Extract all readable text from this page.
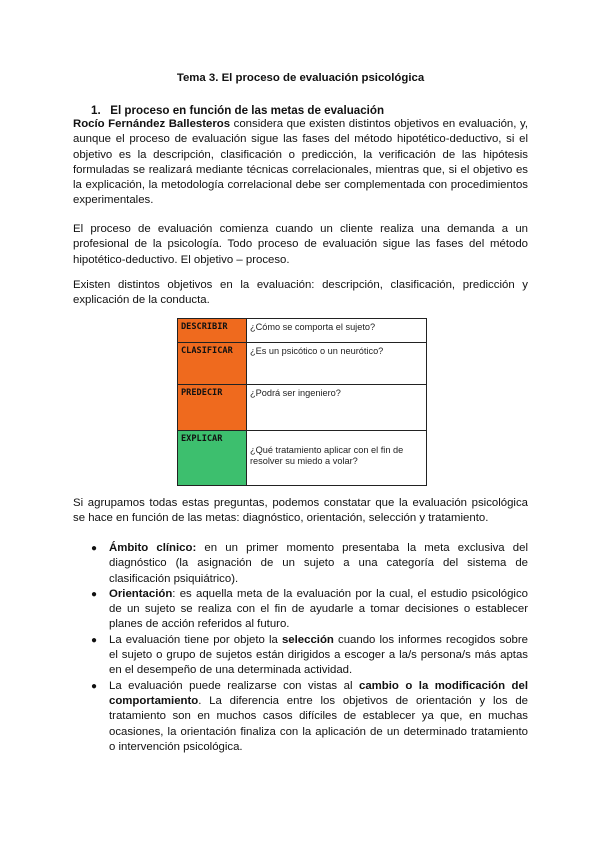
Tema 3. El proceso de evaluación psicológica
1. El proceso en función de las metas de evaluación

Rocío Fernández Ballesteros considera que existen distintos objetivos en evaluación, y, aunque el proceso de evaluación sigue las fases del método hipotético-deductivo, si el objetivo es la descripción, clasificación o predicción, la verificación de las hipótesis formuladas se realizará mediante técnicas correlacionales, mientras que, si el objetivo es la explicación, la metodología correlacional debe ser complementada con procedimientos experimentales.

El proceso de evaluación comienza cuando un cliente realiza una demanda a un profesional de la psicología. Todo proceso de evaluación sigue las fases del método hipotético-deductivo. El objetivo – proceso.

Existen distintos objetivos en la evaluación: descripción, clasificación, predicción y explicación de la conducta.

DESCRIBIR	¿Cómo se comporta el sujeto?
CLASIFICAR	¿Es un psicótico o un neurótico?
PREDECIR	¿Podrá ser ingeniero?
EXPLICAR	¿Qué tratamiento aplicar con el fin de resolver su miedo a volar?

Si agrupamos todas estas preguntas, podemos constatar que la evaluación psicológica se hace en función de las metas: diagnóstico, orientación, selección y tratamiento.

● Ámbito clínico: en un primer momento presentaba la meta exclusiva del diagnóstico (la asignación de un sujeto a una categoría del sistema de clasificación psiquiátrico).
● Orientación: es aquella meta de la evaluación por la cual, el estudio psicológico de un sujeto se realiza con el fin de ayudarle a tomar decisiones o establecer planes de acción referidos al futuro.
● La evaluación tiene por objeto la selección cuando los informes recogidos sobre el sujeto o grupo de sujetos están dirigidos a escoger a la/s persona/s más aptas en el desempeño de una determinada actividad.
● La evaluación puede realizarse con vistas al cambio o la modificación del comportamiento. La diferencia entre los objetivos de orientación y los de tratamiento son en muchos casos difíciles de establecer ya que, en muchas ocasiones, la orientación finaliza con la aplicación de un determinado tratamiento o intervención psicológica.
